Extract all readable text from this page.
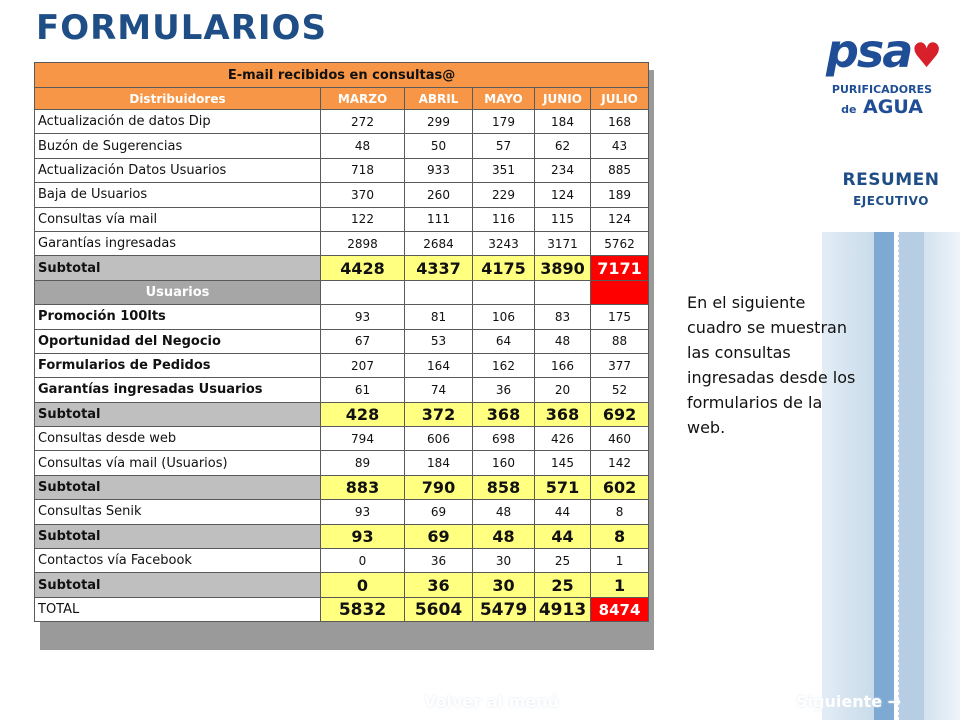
FORMULARIOS	psa♥
PURIFICADORES
de AGUA
RESUMEN
EJECUTIVO
E-mail recibidos en consultas@					
Distribuidores	MARZO	ABRIL	MAYO	JUNIO	JULIO
Actualización de datos Dip	272	299	179	184	168
Buzón de Sugerencias	48	50	57	62	43
Actualización Datos Usuarios	718	933	351	234	885
Baja de Usuarios	370	260	229	124	189
Consultas vía mail	122	111	116	115	124
Garantías ingresadas	2898	2684	3243	3171	5762
Subtotal	4428	4337	4175	3890	7171
Usuarios					
Promoción 100lts	93	81	106	83	175
Oportunidad del Negocio	67	53	64	48	88
Formularios de Pedidos	207	164	162	166	377
Garantías ingresadas Usuarios	61	74	36	20	52
Subtotal	428	372	368	368	692
Consultas desde web	794	606	698	426	460
Consultas vía mail (Usuarios)	89	184	160	145	142
Subtotal	883	790	858	571	602
Consultas Senik	93	69	48	44	8
Subtotal	93	69	48	44	8
Contactos vía Facebook	0	36	30	25	1
Subtotal	0	36	30	25	1
TOTAL	5832	5604	5479	4913	8474
En el siguiente cuadro se muestran las consultas ingresadas desde los formularios de la web.
Volver al menú	Siguiente →
